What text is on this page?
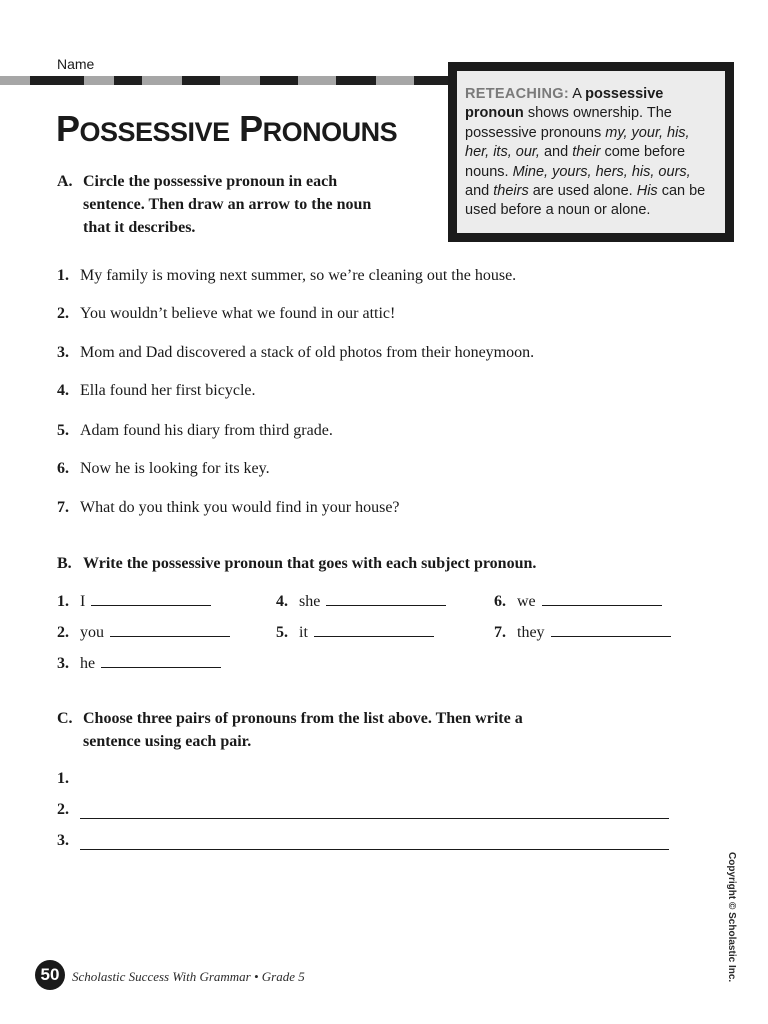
Name
POSSESSIVE PRONOUNS
RETEACHING: A possessive pronoun shows ownership. The possessive pronouns my, your, his, her, its, our, and their come before nouns. Mine, yours, hers, his, ours, and theirs are used alone. His can be used before a noun or alone.
A. Circle the possessive pronoun in each
sentence. Then draw an arrow to the noun
that it describes.
1. My family is moving next summer, so we’re cleaning out the house.
2. You wouldn’t believe what we found in our attic!
3. Mom and Dad discovered a stack of old photos from their honeymoon.
4. Ella found her first bicycle.
5. Adam found his diary from third grade.
6. Now he is looking for its key.
7. What do you think you would find in your house?
B. Write the possessive pronoun that goes with each subject pronoun.
1. I
2. you
3. he
4. she
5. it
6. we
7. they
C. Choose three pairs of pronouns from the list above. Then write a
sentence using each pair.
1.
2.
3.
Copyright © Scholastic Inc.
50 Scholastic Success With Grammar • Grade 5
